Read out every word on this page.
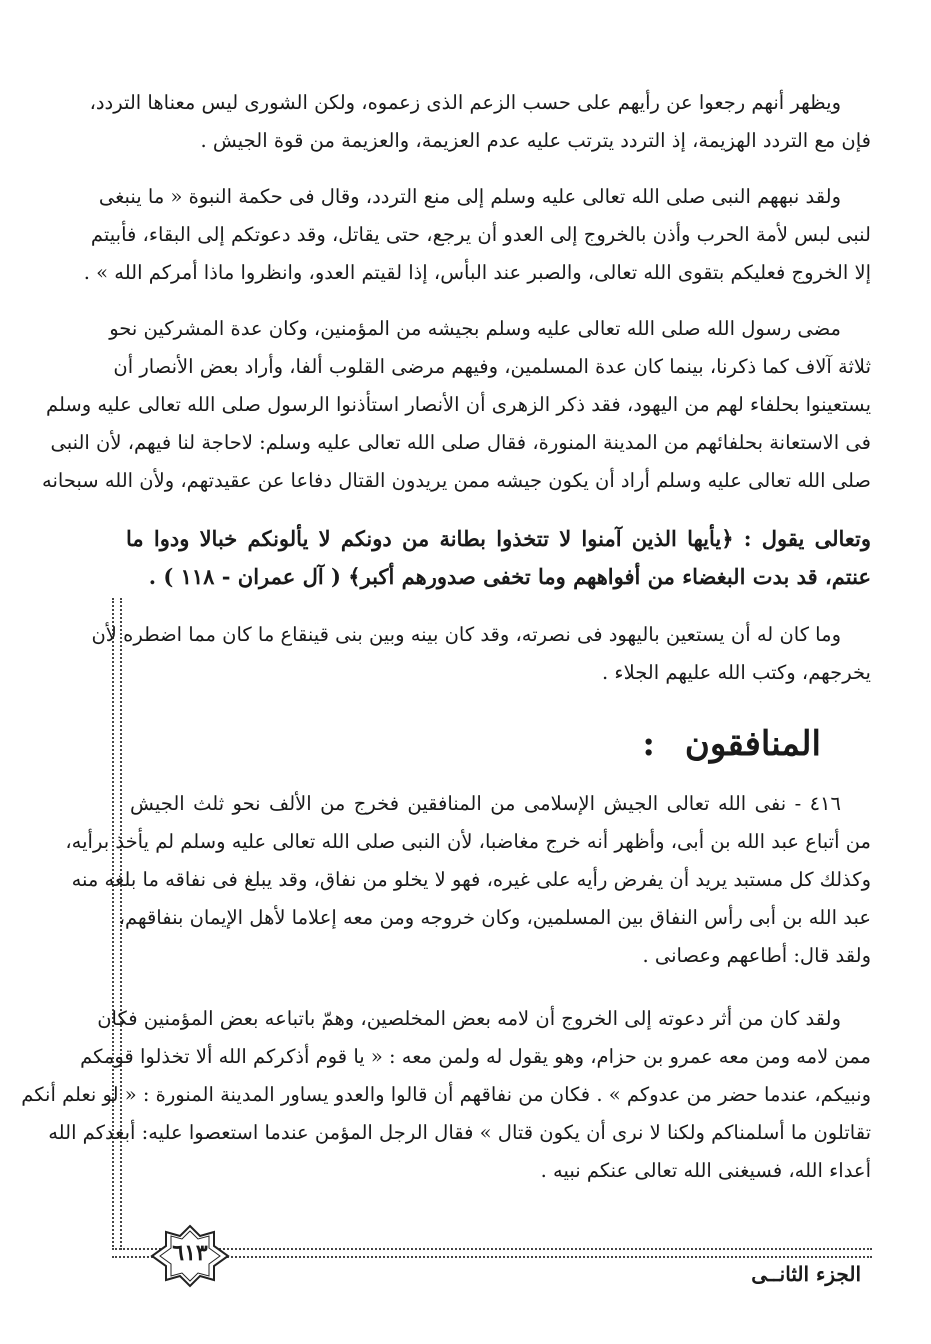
ويظهر أنهم رجعوا عن رأيهم على حسب الزعم الذى زعموه، ولكن الشورى ليس معناها التردد،
فإن مع التردد الهزيمة، إذ التردد يترتب عليه عدم العزيمة، والعزيمة من قوة الجيش .
ولقد نبههم النبى صلى الله تعالى عليه وسلم إلى منع التردد، وقال فى حكمة النبوة « ما ينبغى
لنبى لبس لأمة الحرب وأذن بالخروج إلى العدو أن يرجع، حتى يقاتل، وقد دعوتكم إلى البقاء، فأبيتم
إلا الخروج فعليكم بتقوى الله تعالى، والصبر عند البأس، إذا لقيتم العدو، وانظروا ماذا أمركم الله » .
مضى رسول الله صلى الله تعالى عليه وسلم بجيشه من المؤمنين، وكان عدة المشركين نحو
ثلاثة آلاف كما ذكرنا، بينما كان عدة المسلمين، وفيهم مرضى القلوب ألفا، وأراد بعض الأنصار أن
يستعينوا بحلفاء لهم من اليهود، فقد ذكر الزهرى أن الأنصار استأذنوا الرسول صلى الله تعالى عليه وسلم
فى الاستعانة بحلفائهم من المدينة المنورة، فقال صلى الله تعالى عليه وسلم: لاحاجة لنا فيهم، لأن النبى
صلى الله تعالى عليه وسلم أراد أن يكون جيشه ممن يريدون القتال دفاعا عن عقيدتهم، ولأن الله سبحانه
وتعالى يقول : ﴿يأيها الذين آمنوا لا تتخذوا بطانة من دونكم لا يألونكم خبالا ودوا ما
عنتم، قد بدت البغضاء من أفواههم وما تخفى صدورهم أكبر﴾ ( آل عمران - ١١٨ ) .
وما كان له أن يستعين باليهود فى نصرته، وقد كان بينه وبين بنى قينقاع ما كان مما اضطره لأن
يخرجهم، وكتب الله عليهم الجلاء .
المنافقون:
٤١٦ - نفى الله تعالى الجيش الإسلامى من المنافقين فخرج من الألف نحو ثلث الجيش
من أتباع عبد الله بن أبى، وأظهر أنه خرج مغاضبا، لأن النبى صلى الله تعالى عليه وسلم لم يأخذ برأيه،
وكذلك كل مستبد يريد أن يفرض رأيه على غيره، فهو لا يخلو من نفاق، وقد يبلغ فى نفاقه ما بلغه منه
عبد الله بن أبى رأس النفاق بين المسلمين، وكان خروجه ومن معه إعلاما لأهل الإيمان بنفاقهم،
ولقد قال: أطاعهم وعصانى .
ولقد كان من أثر دعوته إلى الخروج أن لامه بعض المخلصين، وهمّ باتباعه بعض المؤمنين فكان
ممن لامه ومن معه عمرو بن حزام، وهو يقول له ولمن معه : « يا قوم أذكركم الله ألا تخذلوا قومكم
ونبيكم، عندما حضر من عدوكم » . فكان من نفاقهم أن قالوا والعدو يساور المدينة المنورة : « لو نعلم أنكم
تقاتلون ما أسلمناكم ولكنا لا نرى أن يكون قتال » فقال الرجل المؤمن عندما استعصوا عليه: أبعدكم الله
أعداء الله، فسيغنى الله تعالى عنكم نبيه .
٦١٣
الجزء الثانــى
